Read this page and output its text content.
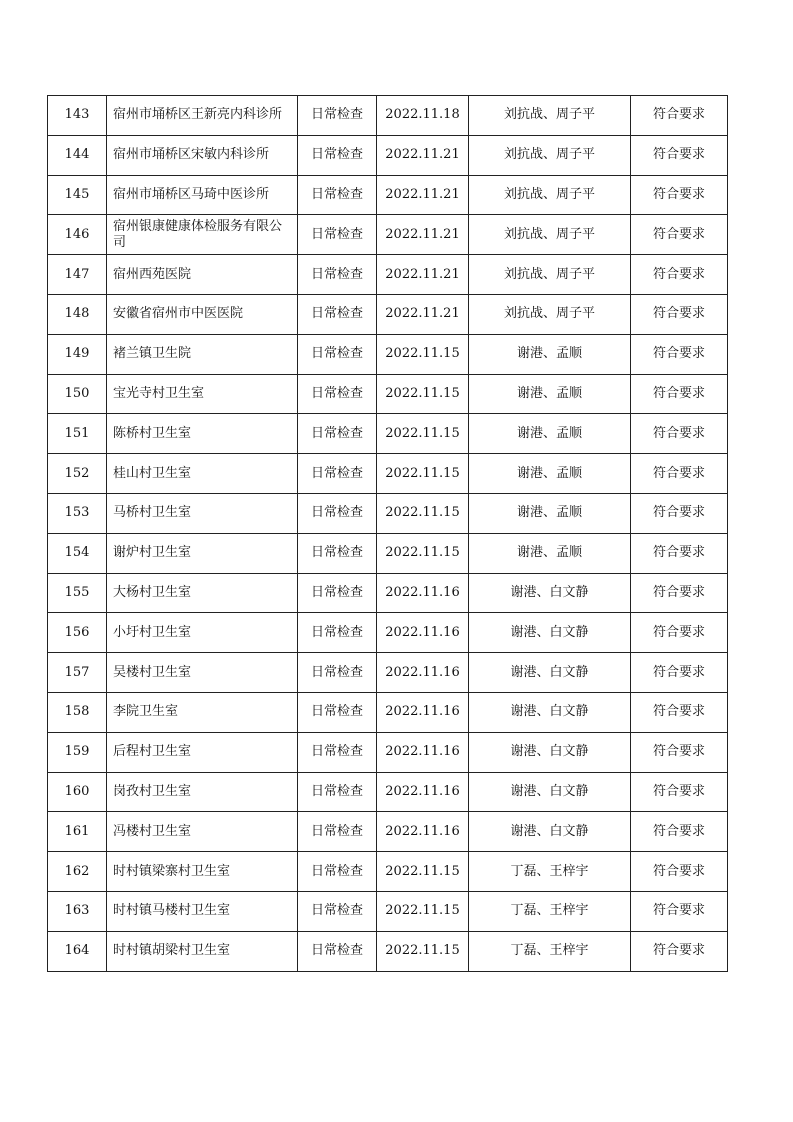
143	宿州市埇桥区王新亮内科诊所	日常检查	2022.11.18	刘抗战、周子平	符合要求
144	宿州市埇桥区宋敏内科诊所	日常检查	2022.11.21	刘抗战、周子平	符合要求
145	宿州市埇桥区马琦中医诊所	日常检查	2022.11.21	刘抗战、周子平	符合要求
146	宿州银康健康体检服务有限公司	日常检查	2022.11.21	刘抗战、周子平	符合要求
147	宿州西苑医院	日常检查	2022.11.21	刘抗战、周子平	符合要求
148	安徽省宿州市中医医院	日常检查	2022.11.21	刘抗战、周子平	符合要求
149	褚兰镇卫生院	日常检查	2022.11.15	谢港、孟顺	符合要求
150	宝光寺村卫生室	日常检查	2022.11.15	谢港、孟顺	符合要求
151	陈桥村卫生室	日常检查	2022.11.15	谢港、孟顺	符合要求
152	桂山村卫生室	日常检查	2022.11.15	谢港、孟顺	符合要求
153	马桥村卫生室	日常检查	2022.11.15	谢港、孟顺	符合要求
154	谢炉村卫生室	日常检查	2022.11.15	谢港、孟顺	符合要求
155	大杨村卫生室	日常检查	2022.11.16	谢港、白文静	符合要求
156	小圩村卫生室	日常检查	2022.11.16	谢港、白文静	符合要求
157	吴楼村卫生室	日常检查	2022.11.16	谢港、白文静	符合要求
158	李院卫生室	日常检查	2022.11.16	谢港、白文静	符合要求
159	后程村卫生室	日常检查	2022.11.16	谢港、白文静	符合要求
160	岗孜村卫生室	日常检查	2022.11.16	谢港、白文静	符合要求
161	冯楼村卫生室	日常检查	2022.11.16	谢港、白文静	符合要求
162	时村镇梁寨村卫生室	日常检查	2022.11.15	丁磊、王梓宇	符合要求
163	时村镇马楼村卫生室	日常检查	2022.11.15	丁磊、王梓宇	符合要求
164	时村镇胡梁村卫生室	日常检查	2022.11.15	丁磊、王梓宇	符合要求
